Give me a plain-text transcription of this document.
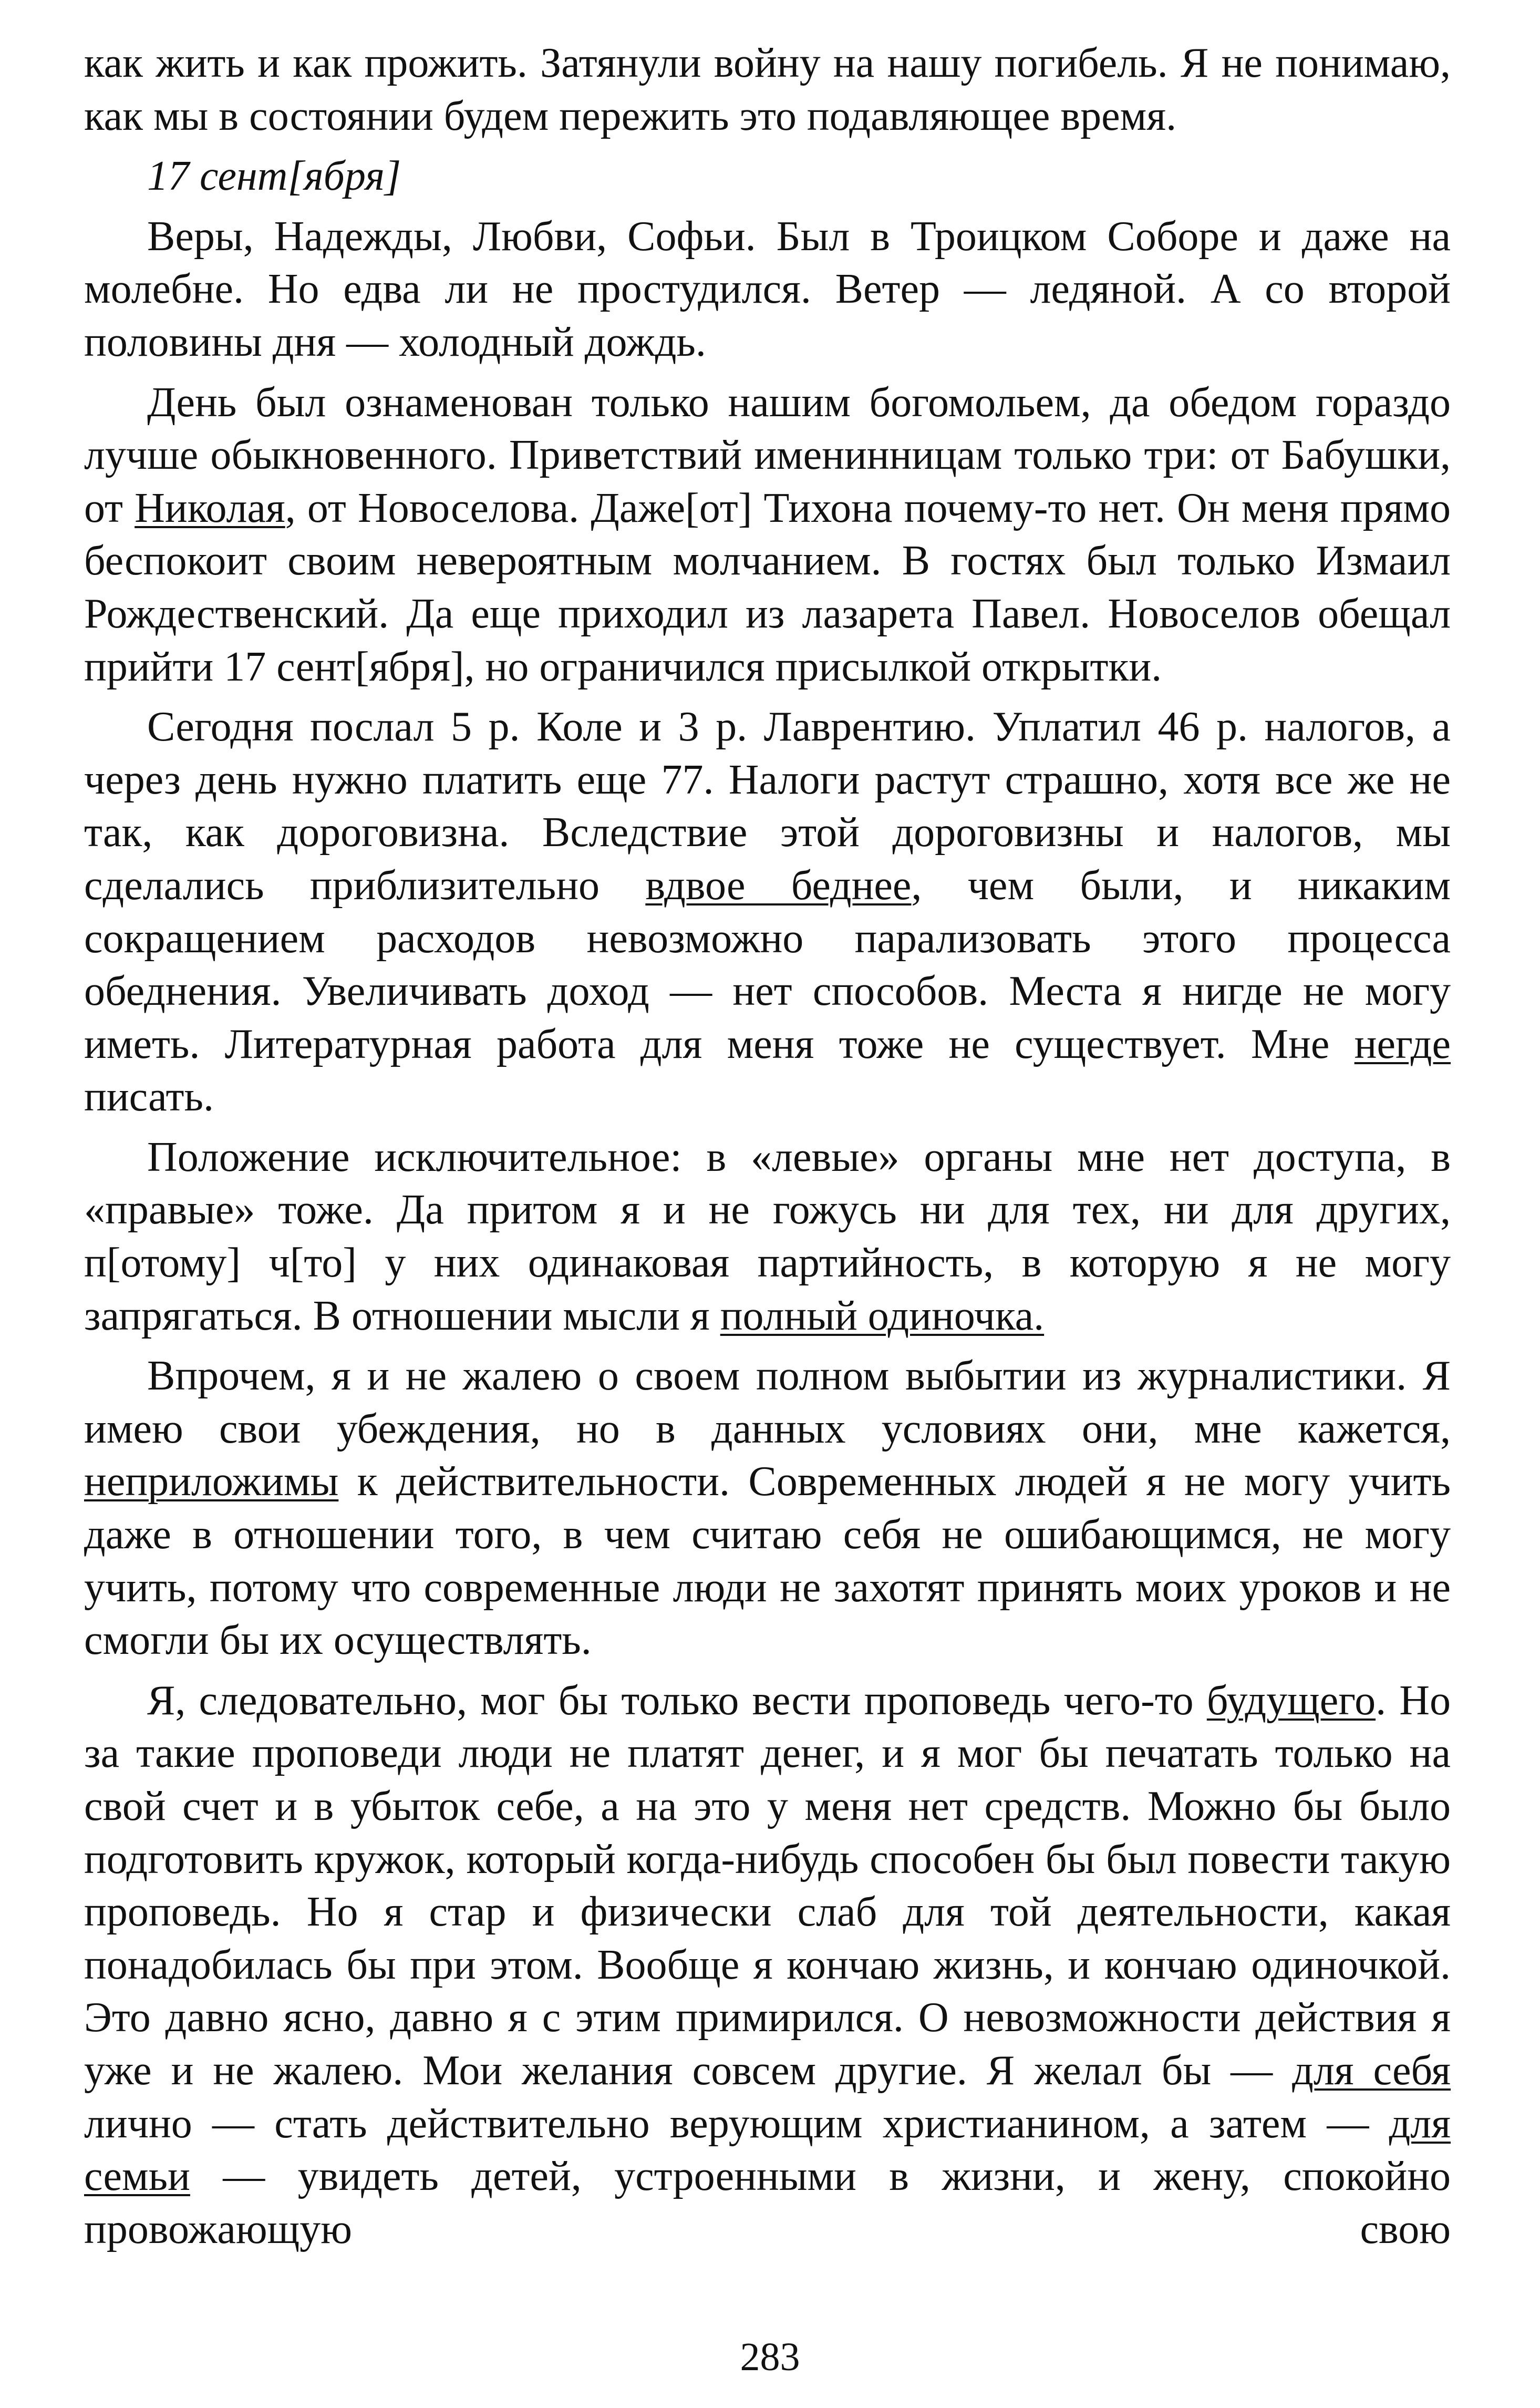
как жить и как прожить. Затянули войну на нашу погибель. Я не понимаю, как мы в состоянии будем пережить это подавляющее время.

17 сент[ября]

Веры, Надежды, Любви, Софьи. Был в Троицком Соборе и даже на молебне. Но едва ли не простудился. Ветер — ледяной. А со второй половины дня — холодный дождь.

День был ознаменован только нашим богомольем, да обедом гораздо лучше обыкновенного. Приветствий именинницам только три: от Бабушки, от Николая, от Новоселова. Даже[от] Тихона почему-то нет. Он меня прямо беспокоит своим невероятным молчанием. В гостях был только Измаил Рождественский. Да еще приходил из лазарета Павел. Новоселов обещал прийти 17 сент[ября], но ограничился присылкой открытки.

Сегодня послал 5 р. Коле и 3 р. Лаврентию. Уплатил 46 р. налогов, а через день нужно платить еще 77. Налоги растут страшно, хотя все же не так, как дороговизна. Вследствие этой дороговизны и налогов, мы сделались приблизительно вдвое беднее, чем были, и никаким сокращением расходов невозможно парализовать этого процесса обеднения. Увеличивать доход — нет способов. Места я нигде не могу иметь. Литературная работа для меня тоже не существует. Мне негде писать.

Положение исключительное: в «левые» органы мне нет доступа, в «правые» тоже. Да притом я и не гожусь ни для тех, ни для других, п[отому] ч[то] у них одинаковая партийность, в которую я не могу запрягаться. В отношении мысли я полный одиночка.

Впрочем, я и не жалею о своем полном выбытии из журналистики. Я имею свои убеждения, но в данных условиях они, мне кажется, неприложимы к действительности. Современных людей я не могу учить даже в отношении того, в чем считаю себя не ошибающимся, не могу учить, потому что современные люди не захотят принять моих уроков и не смогли бы их осуществлять.

Я, следовательно, мог бы только вести проповедь чего-то будущего. Но за такие проповеди люди не платят денег, и я мог бы печатать только на свой счет и в убыток себе, а на это у меня нет средств. Можно бы было подготовить кружок, который когда-нибудь способен бы был повести такую проповедь. Но я стар и физически слаб для той деятельности, какая понадобилась бы при этом. Вообще я кончаю жизнь, и кончаю одиночкой. Это давно ясно, давно я с этим примирился. О невозможности действия я уже и не жалею. Мои желания совсем другие. Я желал бы — для себя лично — стать действительно верующим христианином, а затем — для семьи — увидеть детей, устроенными в жизни, и жену, спокойно провожающую свою

283
